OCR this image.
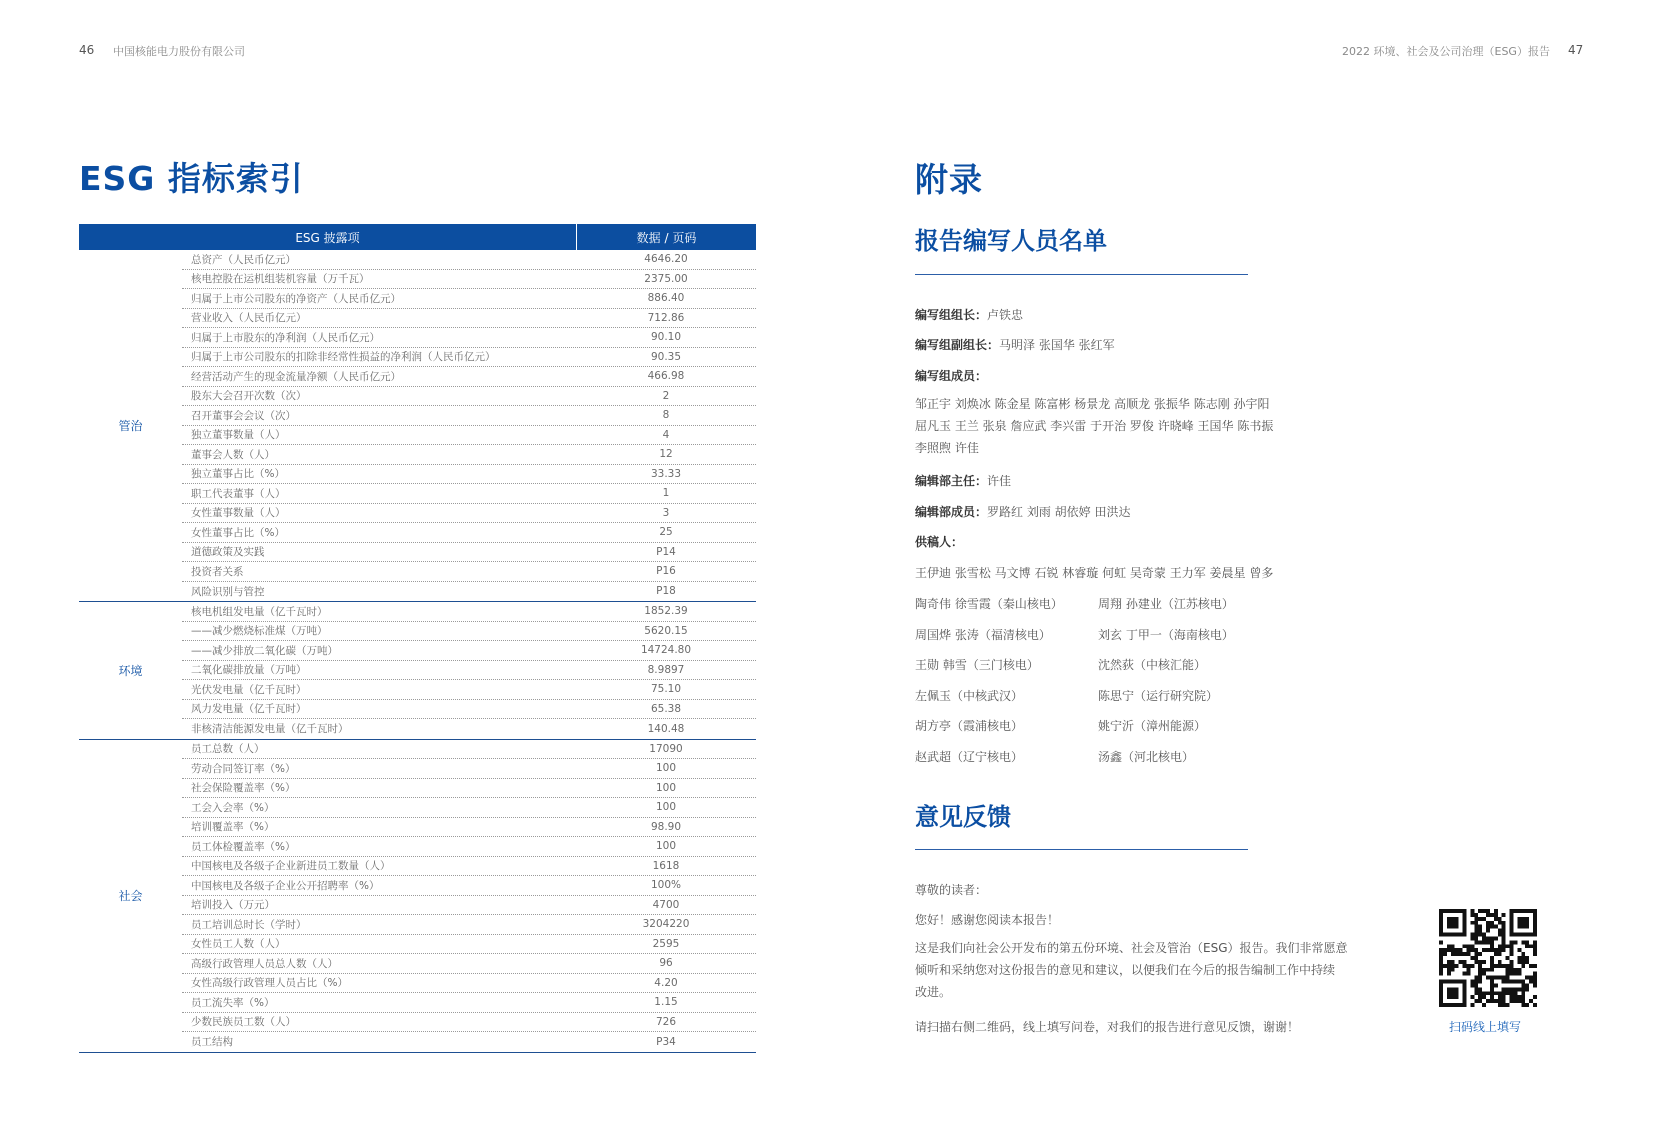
46 中国核能电力股份有限公司	2022 环境、社会及公司治理（ESG）报告 47
ESG 指标索引
ESG 披露项	数据 / 页码
管治
总资产（人民币亿元）	4646.20
核电控股在运机组装机容量（万千瓦）	2375.00
归属于上市公司股东的净资产（人民币亿元）	886.40
营业收入（人民币亿元）	712.86
归属于上市股东的净利润（人民币亿元）	90.10
归属于上市公司股东的扣除非经常性损益的净利润（人民币亿元）	90.35
经营活动产生的现金流量净额（人民币亿元）	466.98
股东大会召开次数（次）	2
召开董事会会议（次）	8
独立董事数量（人）	4
董事会人数（人）	12
独立董事占比（%）	33.33
职工代表董事（人）	1
女性董事数量（人）	3
女性董事占比（%）	25
道德政策及实践	P14
投资者关系	P16
风险识别与管控	P18
环境
核电机组发电量（亿千瓦时）	1852.39
——减少燃烧标准煤（万吨）	5620.15
——减少排放二氧化碳（万吨）	14724.80
二氧化碳排放量（万吨）	8.9897
光伏发电量（亿千瓦时）	75.10
风力发电量（亿千瓦时）	65.38
非核清洁能源发电量（亿千瓦时）	140.48
社会
员工总数（人）	17090
劳动合同签订率（%）	100
社会保险覆盖率（%）	100
工会入会率（%）	100
培训覆盖率（%）	98.90
员工体检覆盖率（%）	100
中国核电及各级子企业新进员工数量（人）	1618
中国核电及各级子企业公开招聘率（%）	100%
培训投入（万元）	4700
员工培训总时长（学时）	3204220
女性员工人数（人）	2595
高级行政管理人员总人数（人）	96
女性高级行政管理人员占比（%）	4.20
员工流失率（%）	1.15
少数民族员工数（人）	726
员工结构	P34
附录
报告编写人员名单
编写组组长：卢铁忠
编写组副组长：马明泽 张国华 张红军
编写组成员：
邹正宇 刘焕冰 陈金星 陈富彬 杨景龙 高顺龙 张振华 陈志刚 孙宇阳
屈凡玉 王兰 张泉 詹应武 李兴雷 于开治 罗俊 许晓峰 王国华 陈书振
李照煦 许佳
编辑部主任：许佳
编辑部成员：罗路红 刘雨 胡依婷 田洪达
供稿人：
王伊迪 张雪松 马文博 石锐 林睿璇 何虹 吴奇蒙 王力军 姜晨星 曾多
陶奇伟 徐雪霞（秦山核电）	周翔 孙建业（江苏核电）
周国烨 张涛（福清核电）	刘玄 丁甲一（海南核电）
王勋 韩雪（三门核电）	沈然荻（中核汇能）
左佩玉（中核武汉）	陈思宁（运行研究院）
胡方亭（霞浦核电）	姚宁沂（漳州能源）
赵武超（辽宁核电）	汤鑫（河北核电）
意见反馈
尊敬的读者：
您好！感谢您阅读本报告！
这是我们向社会公开发布的第五份环境、社会及管治（ESG）报告。我们非常愿意
倾听和采纳您对这份报告的意见和建议，以便我们在今后的报告编制工作中持续
改进。
请扫描右侧二维码，线上填写问卷，对我们的报告进行意见反馈，谢谢！	扫码线上填写
